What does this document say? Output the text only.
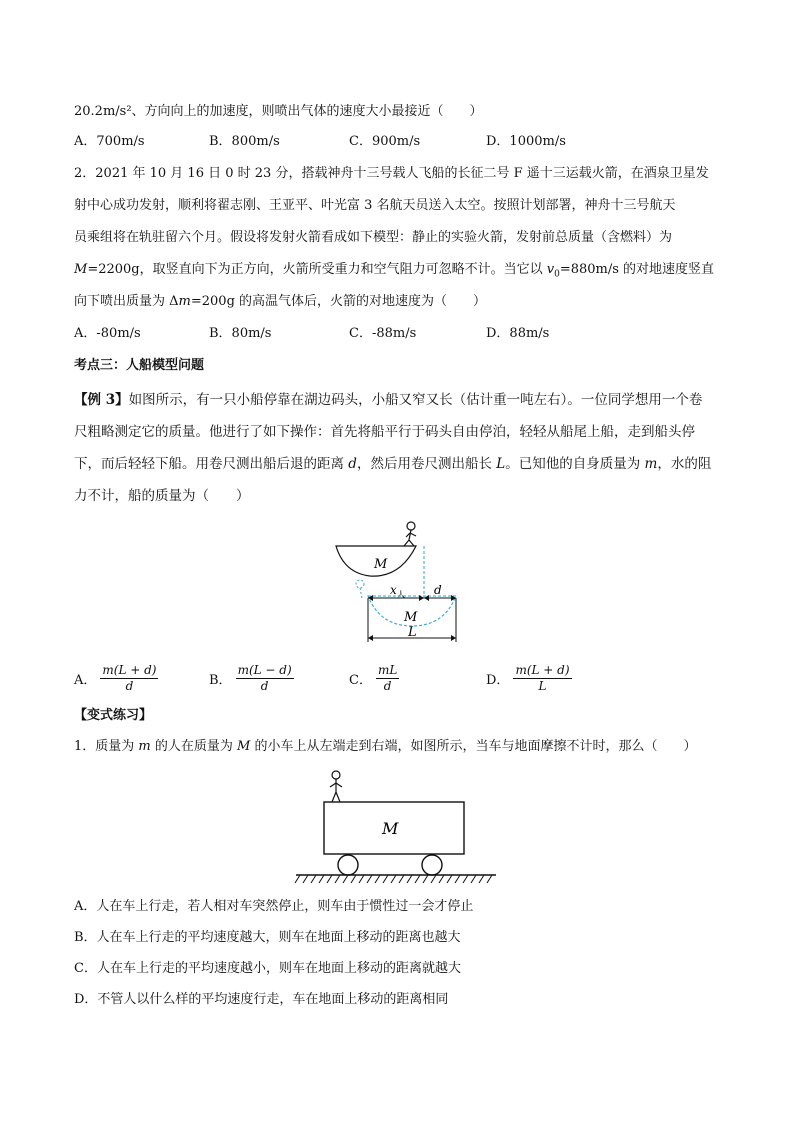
20.2m/s²、方向向上的加速度，则喷出气体的速度大小最接近（　　）
A．700m/s	B．800m/s	C．900m/s	D．1000m/s
2．2021 年 10 月 16 日 0 时 23 分，搭载神舟十三号载人飞船的长征二号 F 遥十三运载火箭，在酒泉卫星发
射中心成功发射，顺利将翟志刚、王亚平、叶光富 3 名航天员送入太空。按照计划部署，神舟十三号航天
员乘组将在轨驻留六个月。假设将发射火箭看成如下模型：静止的实验火箭，发射前总质量（含燃料）为
M=2200g，取竖直向下为正方向，火箭所受重力和空气阻力可忽略不计。当它以 $v_0=880m/s$ 的对地速度竖直
向下喷出质量为 Δm=200g 的高温气体后，火箭的对地速度为（　　）
A．-80m/s	B．80m/s	C．-88m/s	D．88m/s
考点三：人船模型问题
【例 3】如图所示，有一只小船停靠在湖边码头，小船又窄又长（估计重一吨左右）。一位同学想用一个卷
尺粗略测定它的质量。他进行了如下操作：首先将船平行于码头自由停泊，轻轻从船尾上船，走到船头停
下，而后轻轻下船。用卷尺测出船后退的距离 d，然后用卷尺测出船长 L。已知他的自身质量为 m，水的阻
力不计，船的质量为（　　）
M
M
x 人 d
L
A． $\frac{m(L + d)}{d}$	B． $\frac{m(L - d)}{d}$	C． $\frac{mL}{d}$	D． $\frac{m(L + d)}{L}$
【变式练习】
1．质量为 m 的人在质量为 M 的小车上从左端走到右端，如图所示，当车与地面摩擦不计时，那么（　　）
M
A．人在车上行走，若人相对车突然停止，则车由于惯性过一会才停止
B．人在车上行走的平均速度越大，则车在地面上移动的距离也越大
C．人在车上行走的平均速度越小，则车在地面上移动的距离就越大
D．不管人以什么样的平均速度行走，车在地面上移动的距离相同
